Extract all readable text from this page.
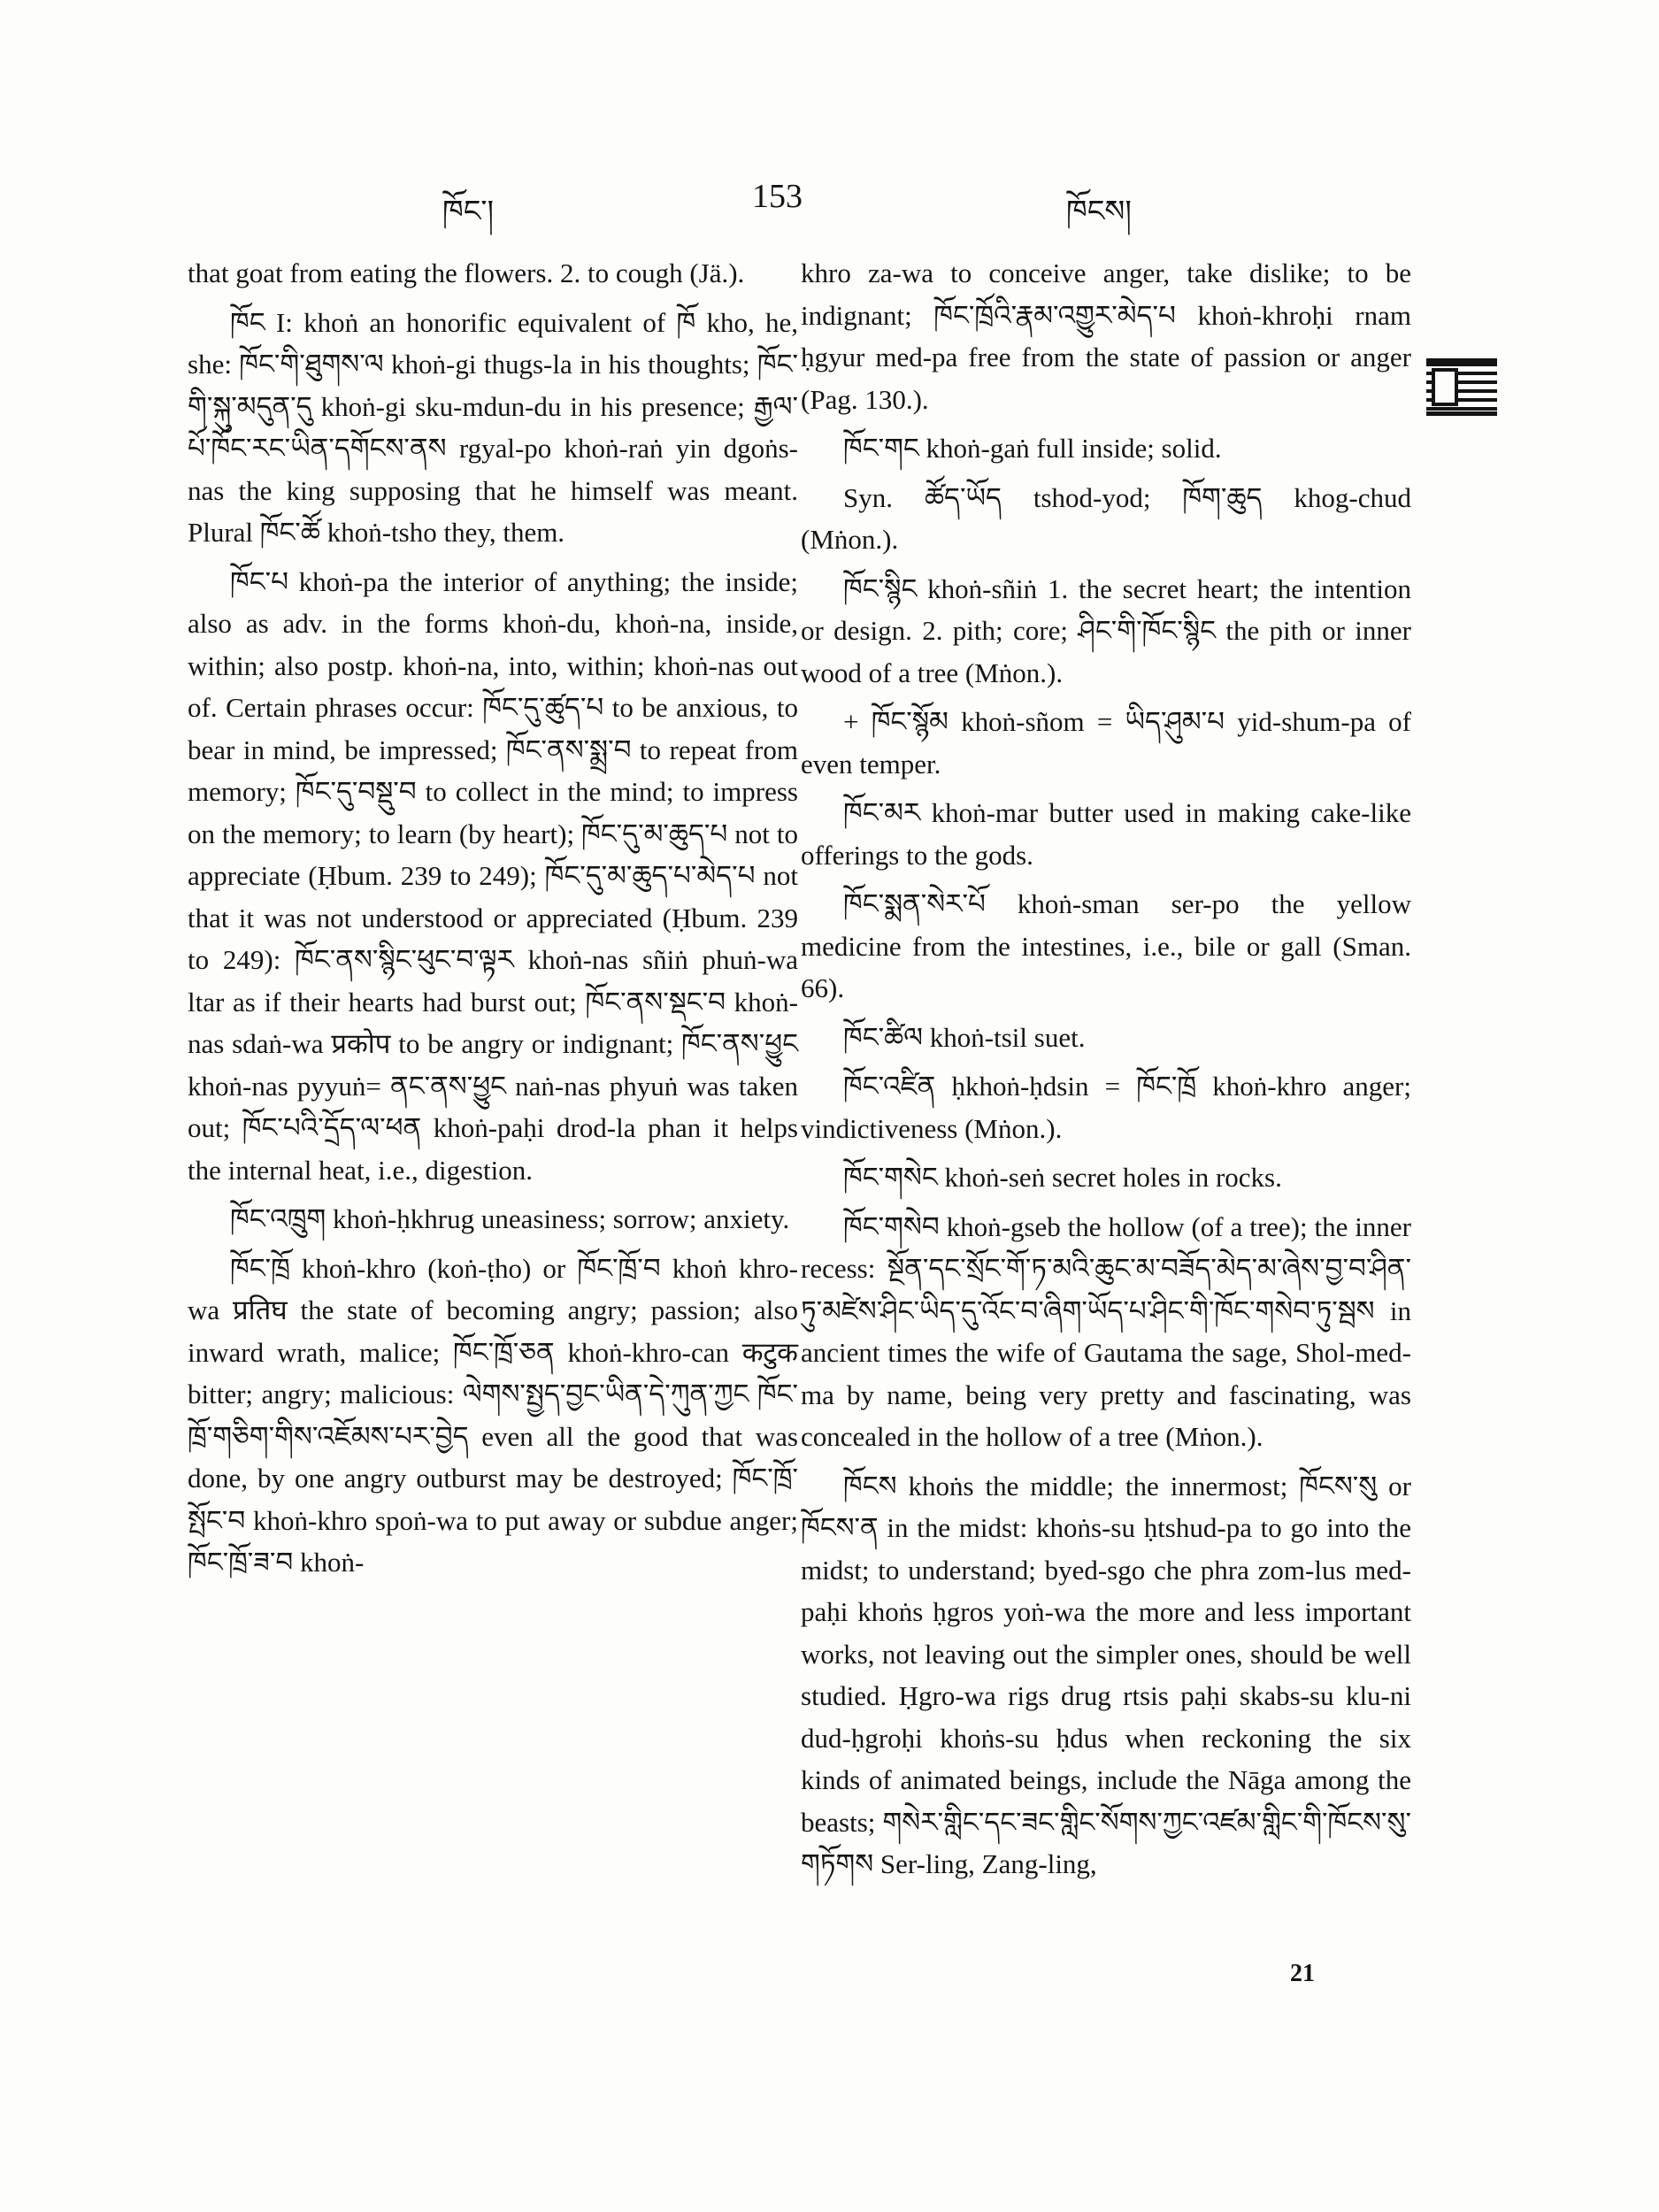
ཁོང་།	153	ཁོངས།

that goat from eating the flowers. 2. to cough (Jä.).

ཁོང I: khoṅ an honorific equivalent of ཁོ kho, he, she: ཁོང་གི་ཐུགས་ལ khoṅ-gi thugs-la in his thoughts; ཁོང་གི་སྐུ་མདུན་དུ khoṅ-gi sku-mdun-du in his presence; རྒྱལ་པོ་ཁོང་རང་ཡིན་དགོངས་ནས rgyal-po khoṅ-raṅ yin dgoṅs-nas the king supposing that he himself was meant. Plural ཁོང་ཚོ khoṅ-tsho they, them.

ཁོང་པ khoṅ-pa the interior of anything; the inside; also as adv. in the forms khoṅ-du, khoṅ-na, inside, within; also postp. khoṅ-na, into, within; khoṅ-nas out of. Certain phrases occur: ཁོང་དུ་ཚུད་པ to be anxious, to bear in mind, be impressed; ཁོང་ནས་སྨྲ་བ to repeat from memory; ཁོང་དུ་བསྡུ་བ to collect in the mind; to impress on the memory; to learn (by heart); ཁོང་དུ་མ་ཆུད་པ not to appreciate (Ḥbum. 239 to 249); ཁོང་དུ་མ་ཆུད་པ་མེད་པ not that it was not understood or appreciated (Ḥbum. 239 to 249): ཁོང་ནས་སྙིང་ཕུང་བ་ལྟར khoṅ-nas sñiṅ phuṅ-wa ltar as if their hearts had burst out; ཁོང་ནས་སྡང་བ khoṅ-nas sdaṅ-wa प्रकोप to be angry or indignant; ཁོང་ནས་ཕྱུང khoṅ-nas pyyuṅ= ནང་ནས་ཕྱུང naṅ-nas phyuṅ was taken out; ཁོང་པའི་དྲོད་ལ་ཕན khoṅ-paḥi drod-la phan it helps the internal heat, i.e., digestion.

ཁོང་འཁྲུག khoṅ-ḥkhrug uneasiness; sorrow; anxiety.

ཁོང་ཁྲོ khoṅ-khro (koṅ-ṭho) or ཁོང་ཁྲོ་བ khoṅ khro-wa प्रतिघ the state of becoming angry; passion; also inward wrath, malice; ཁོང་ཁྲོ་ཅན khoṅ-khro-can कटुक bitter; angry; malicious: ལེགས་སྤྱད་བྱང་ཡིན་དེ་ཀུན་ཀྱང ཁོང་ཁྲོ་གཅིག་གིས་འཇོམས་པར་བྱེད even all the good that was done, by one angry outburst may be destroyed; ཁོང་ཁྲོ་སྤོང་བ khoṅ-khro spoṅ-wa to put away or subdue anger; ཁོང་ཁྲོ་ཟ་བ khoṅ-

khro za-wa to conceive anger, take dislike; to be indignant; ཁོང་ཁྲོའི་རྣམ་འགྱུར་མེད་པ khoṅ-khroḥi rnam ḥgyur med-pa free from the state of passion or anger (Pag. 130.).

ཁོང་གང khoṅ-gaṅ full inside; solid.

Syn. ཚོད་ཡོད tshod-yod; ཁོག་ཆུད khog-chud (Mṅon.).

ཁོང་སྙིང khoṅ-sñiṅ 1. the secret heart; the intention or design. 2. pith; core; ཤིང་གི་ཁོང་སྙིང the pith or inner wood of a tree (Mṅon.).

+ ཁོང་སྙོམ khoṅ-sñom = ཡིད་ཤུམ་པ yid-shum-pa of even temper.

ཁོང་མར khoṅ-mar butter used in making cake-like offerings to the gods.

ཁོང་སྨན་སེར་པོ khoṅ-sman ser-po the yellow medicine from the intestines, i.e., bile or gall (Sman. 66).

ཁོང་ཚིལ khoṅ-tsil suet.

ཁོང་འཛིན ḥkhoṅ-ḥdsin = ཁོང་ཁྲོ khoṅ-khro anger; vindictiveness (Mṅon.).

ཁོང་གསེང khoṅ-seṅ secret holes in rocks.

ཁོང་གསེབ khoṅ-gseb the hollow (of a tree); the inner recess: སྔོན་དང་སྲོང་གོ་ཏ་མའི་ཆུང་མ་བཟོད་མེད་མ་ཞེས་བྱ་བ་ཤིན་ཏུ་མཛེས་ཤིང་ཡིད་དུ་འོང་བ་ཞིག་ཡོད་པ་ཤིང་གི་ཁོང་གསེབ་ཏུ་སྦས in ancient times the wife of Gautama the sage, Shol-med-ma by name, being very pretty and fascinating, was concealed in the hollow of a tree (Mṅon.).

ཁོངས khoṅs the middle; the innermost; ཁོངས་སུ or ཁོངས་ན in the midst: khoṅs-su ḥtshud-pa to go into the midst; to understand; byed-sgo che phra zom-lus med-paḥi khoṅs ḥgros yoṅ-wa the more and less important works, not leaving out the simpler ones, should be well studied. Ḥgro-wa rigs drug rtsis paḥi skabs-su klu-ni dud-ḥgroḥi khoṅs-su ḥdus when reckoning the six kinds of animated beings, include the Nāga among the beasts; གསེར་གླིང་དང་ཟང་གླིང་སོགས་ཀྱང་འཛམ་གླིང་གི་ཁོངས་སུ་གཏོགས Ser-ling, Zang-ling,

21
